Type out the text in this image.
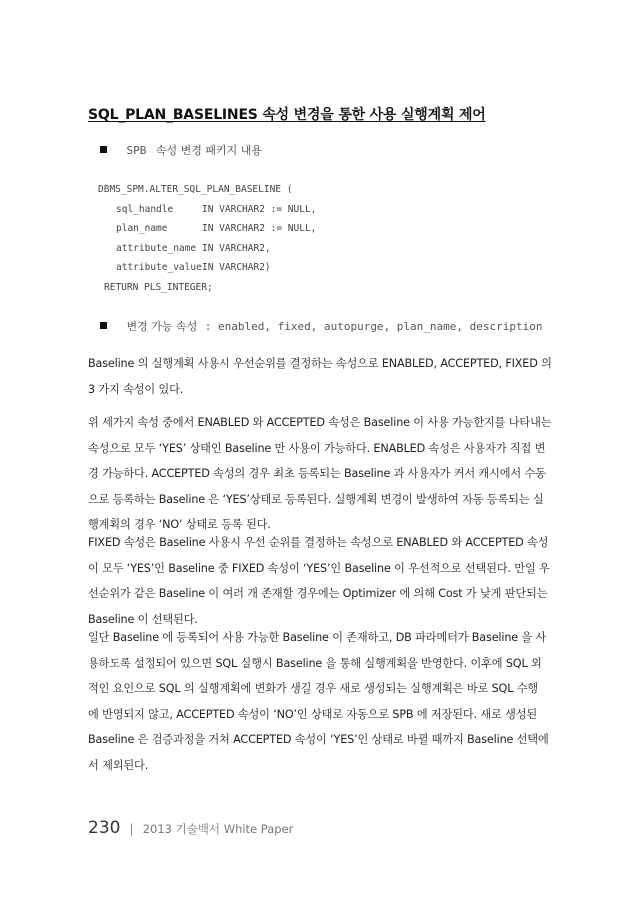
SQL_PLAN_BASELINES 속성 변경을 통한 사용 실행계획 제어
SPB 속성 변경 패키지 내용
DBMS_SPM.ALTER_SQL_PLAN_BASELINE (
sql_handle	IN VARCHAR2 := NULL,
plan_name	IN VARCHAR2 := NULL,
attribute_name IN VARCHAR2,
attribute_valueIN VARCHAR2)
RETURN PLS_INTEGER;
변경 가능 속성 : enabled, fixed, autopurge, plan_name, description
Baseline 의 실행계획 사용시 우선순위를 결정하는 속성으로 ENABLED, ACCEPTED, FIXED 의
3 가지 속성이 있다.
위 세가지 속성 중에서 ENABLED 와 ACCEPTED 속성은 Baseline 이 사용 가능한지를 나타내는
속성으로 모두 ‘YES’ 상태인 Baseline 만 사용이 가능하다. ENABLED 속성은 사용자가 직접 변
경 가능하다. ACCEPTED 속성의 경우 최초 등록되는 Baseline 과 사용자가 커서 캐시에서 수동
으로 등록하는 Baseline 은 ‘YES’상태로 등록된다. 실행계획 변경이 발생하여 자동 등록되는 실
행계획의 경우 ‘NO’ 상태로 등록 된다.
FIXED 속성은 Baseline 사용시 우선 순위를 결정하는 속성으로 ENABLED 와 ACCEPTED 속성
이 모두 ‘YES’인 Baseline 중 FIXED 속성이 ‘YES’인 Baseline 이 우선적으로 선택된다. 만일 우
선순위가 같은 Baseline 이 여러 개 존재할 경우에는 Optimizer 에 의해 Cost 가 낮게 판단되는
Baseline 이 선택된다.
일단 Baseline 에 등록되어 사용 가능한 Baseline 이 존재하고, DB 파라메터가 Baseline 을 사
용하도록 설정되어 있으면 SQL 실행시 Baseline 을 통해 실행계획을 반영한다. 이후에 SQL 외
적인 요인으로 SQL 의 실행계획에 변화가 생길 경우 새로 생성되는 실행계획은 바로 SQL 수행
에 반영되지 않고, ACCEPTED 속성이 ‘NO’인 상태로 자동으로 SPB 에 저장된다. 새로 생성된
Baseline 은 검증과정을 거쳐 ACCEPTED 속성이 ‘YES’인 상태로 바뀔 때까지 Baseline 선택에
서 제외된다.
230 | 2013 기술백서 White Paper
